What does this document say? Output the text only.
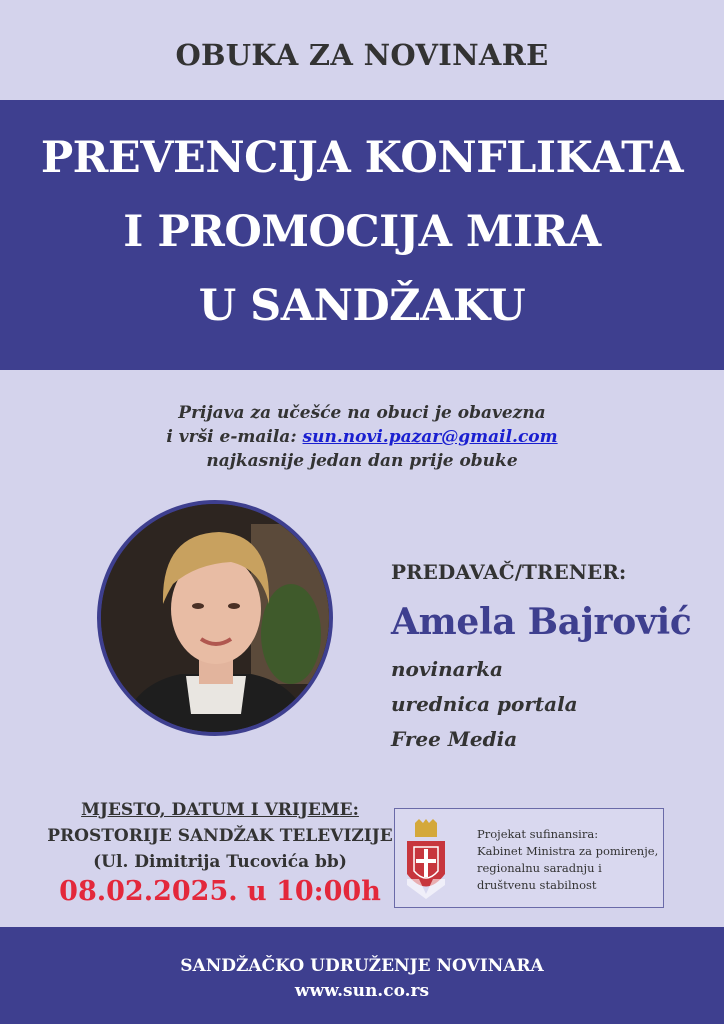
OBUKA ZA NOVINARE
PREVENCIJA KONFLIKATA
I PROMOCIJA MIRA
U SANDŽAKU
Prijava za učešće na obuci je obavezna
i vrši e-maila: sun.novi.pazar@gmail.com
najkasnije jedan dan prije obuke
PREDAVAČ/TRENER:
Amela Bajrović
novinarka
urednica portala
Free Media
MJESTO, DATUM I VRIJEME:
PROSTORIJE SANDŽAK TELEVIZIJE
(Ul. Dimitrija Tucovića bb)
08.02.2025. u 10:00h
Projekat sufinansira:
Kabinet Ministra za pomirenje,
regionalnu saradnju i
društvenu stabilnost
SANDŽAČKO UDRUŽENJE NOVINARA
www.sun.co.rs
